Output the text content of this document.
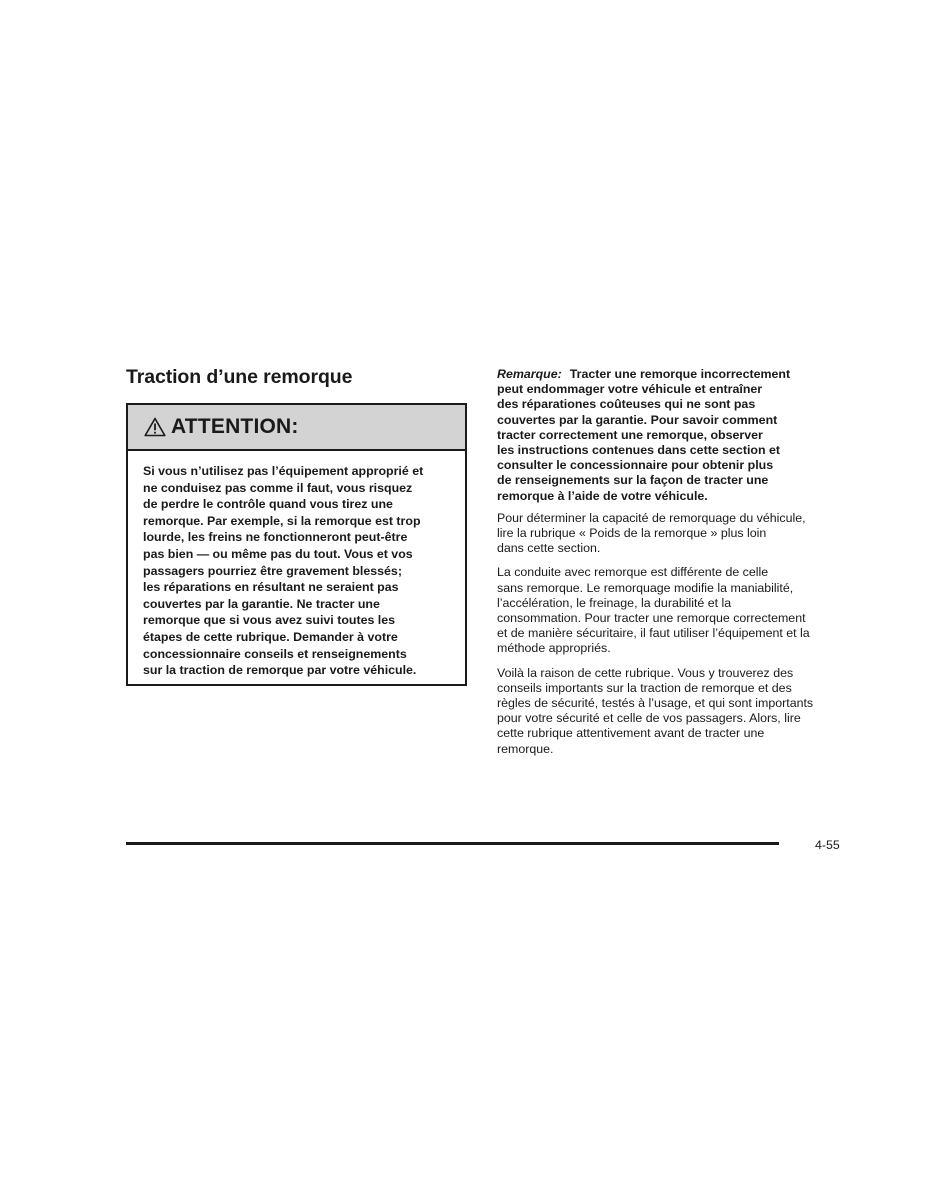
Traction d’une remorque
ATTENTION:
Si vous n’utilisez pas l’équipement approprié et
ne conduisez pas comme il faut, vous risquez
de perdre le contrôle quand vous tirez une
remorque. Par exemple, si la remorque est trop
lourde, les freins ne fonctionneront peut-être
pas bien — ou même pas du tout. Vous et vos
passagers pourriez être gravement blessés;
les réparations en résultant ne seraient pas
couvertes par la garantie. Ne tracter une
remorque que si vous avez suivi toutes les
étapes de cette rubrique. Demander à votre
concessionnaire conseils et renseignements
sur la traction de remorque par votre véhicule.
Remarque: Tracter une remorque incorrectement
peut endommager votre véhicule et entraîner
des réparationes coûteuses qui ne sont pas
couvertes par la garantie. Pour savoir comment
tracter correctement une remorque, observer
les instructions contenues dans cette section et
consulter le concessionnaire pour obtenir plus
de renseignements sur la façon de tracter une
remorque à l’aide de votre véhicule.
Pour déterminer la capacité de remorquage du véhicule,
lire la rubrique « Poids de la remorque » plus loin
dans cette section.
La conduite avec remorque est différente de celle
sans remorque. Le remorquage modifie la maniabilité,
l’accélération, le freinage, la durabilité et la
consommation. Pour tracter une remorque correctement
et de manière sécuritaire, il faut utiliser l’équipement et la
méthode appropriés.
Voilà la raison de cette rubrique. Vous y trouverez des
conseils importants sur la traction de remorque et des
règles de sécurité, testés à l’usage, et qui sont importants
pour votre sécurité et celle de vos passagers. Alors, lire
cette rubrique attentivement avant de tracter une
remorque.
4-55
